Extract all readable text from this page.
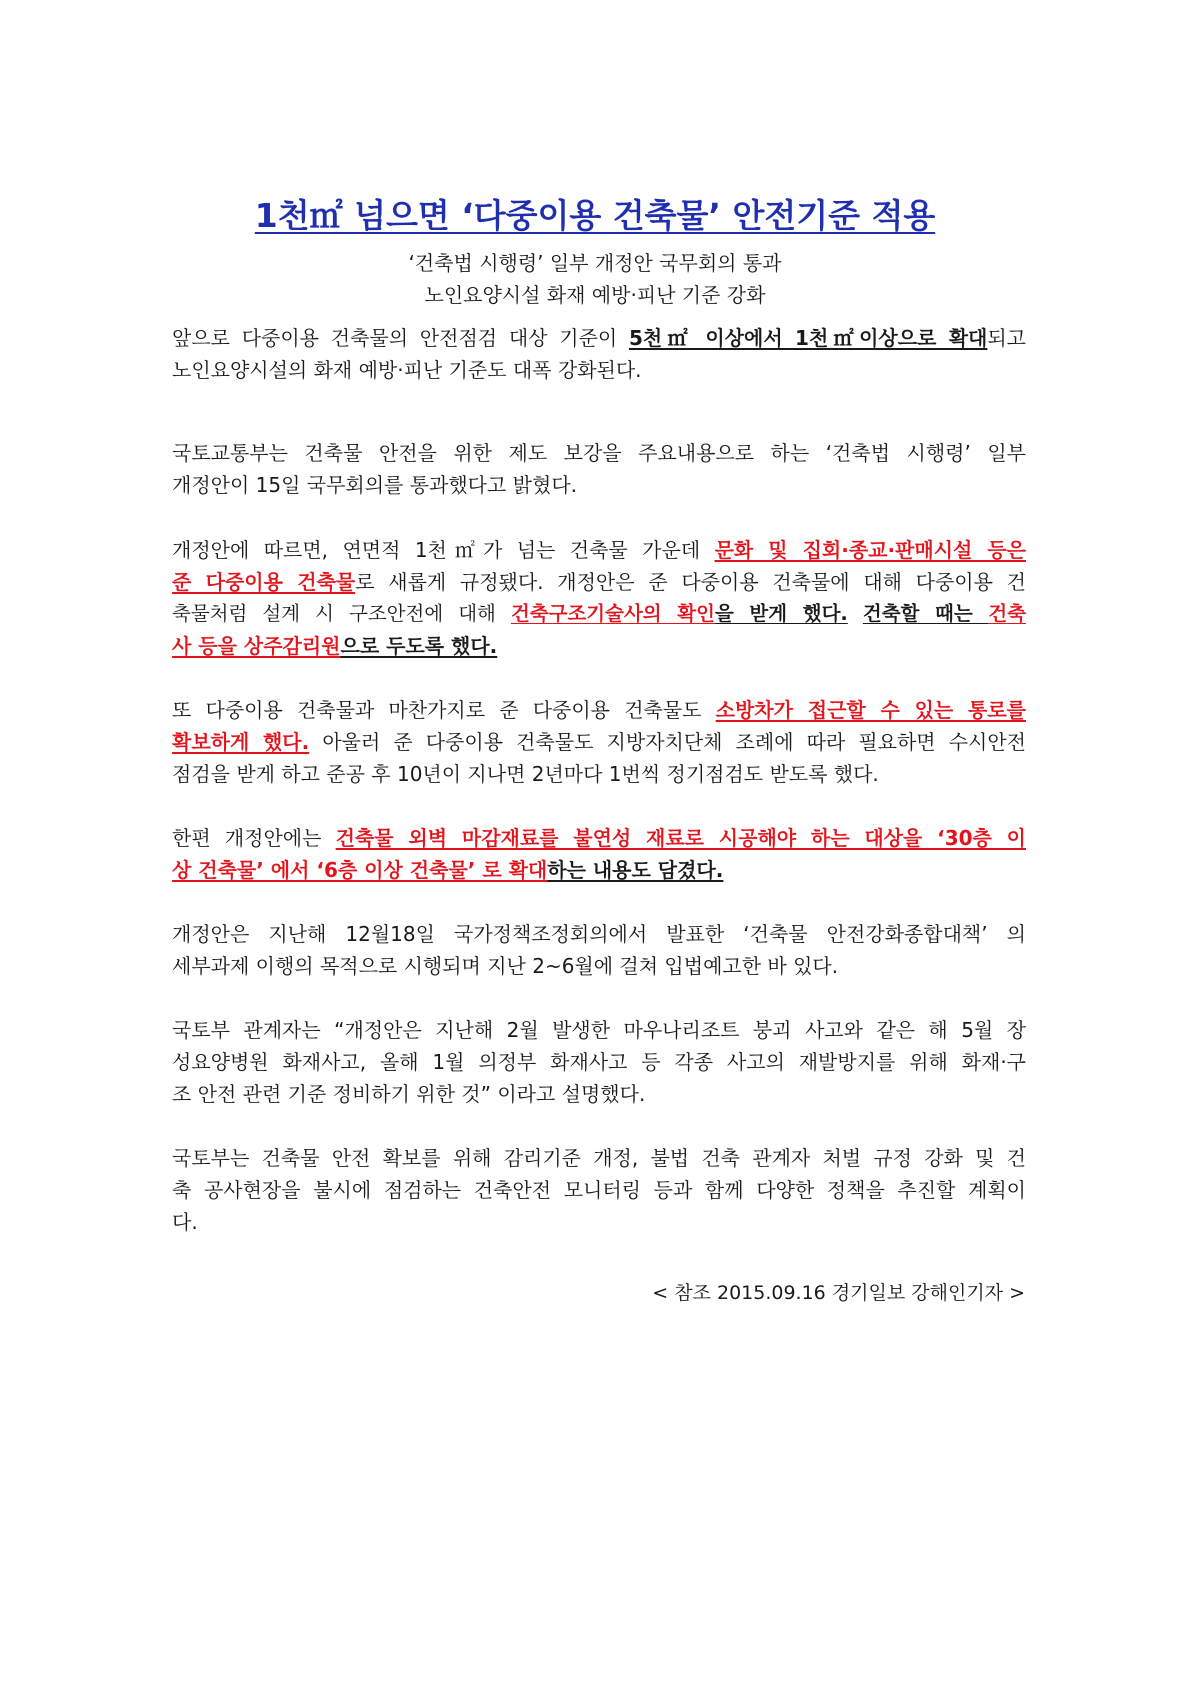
1천㎡ 넘으면 ‘다중이용 건축물’ 안전기준 적용
‘건축법 시행령’ 일부 개정안 국무회의 통과
노인요양시설 화재 예방·피난 기준 강화
앞으로 다중이용 건축물의 안전점검 대상 기준이 5천㎡ 이상에서 1천㎡이상으로 확대되고
노인요양시설의 화재 예방·피난 기준도 대폭 강화된다.
국토교통부는 건축물 안전을 위한 제도 보강을 주요내용으로 하는 ‘건축법 시행령’ 일부
개정안이 15일 국무회의를 통과했다고 밝혔다.
개정안에 따르면, 연면적 1천㎡가 넘는 건축물 가운데 문화 및 집회·종교·판매시설 등은
준 다중이용 건축물로 새롭게 규정됐다. 개정안은 준 다중이용 건축물에 대해 다중이용 건
축물처럼 설계 시 구조안전에 대해 건축구조기술사의 확인을 받게 했다. 건축할 때는 건축
사 등을 상주감리원으로 두도록 했다.
또 다중이용 건축물과 마찬가지로 준 다중이용 건축물도 소방차가 접근할 수 있는 통로를
확보하게 했다. 아울러 준 다중이용 건축물도 지방자치단체 조례에 따라 필요하면 수시안전
점검을 받게 하고 준공 후 10년이 지나면 2년마다 1번씩 정기점검도 받도록 했다.
한편 개정안에는 건축물 외벽 마감재료를 불연성 재료로 시공해야 하는 대상을 ‘30층 이
상 건축물’ 에서 ‘6층 이상 건축물’ 로 확대하는 내용도 담겼다.
개정안은 지난해 12월18일 국가정책조정회의에서 발표한 ‘건축물 안전강화종합대책’ 의
세부과제 이행의 목적으로 시행되며 지난 2~6월에 걸쳐 입법예고한 바 있다.
국토부 관계자는 “개정안은 지난해 2월 발생한 마우나리조트 붕괴 사고와 같은 해 5월 장
성요양병원 화재사고, 올해 1월 의정부 화재사고 등 각종 사고의 재발방지를 위해 화재·구
조 안전 관련 기준 정비하기 위한 것” 이라고 설명했다.
국토부는 건축물 안전 확보를 위해 감리기준 개정, 불법 건축 관계자 처벌 규정 강화 및 건
축 공사현장을 불시에 점검하는 건축안전 모니터링 등과 함께 다양한 정책을 추진할 계획이
다.
< 참조 2015.09.16 경기일보 강해인기자 >
